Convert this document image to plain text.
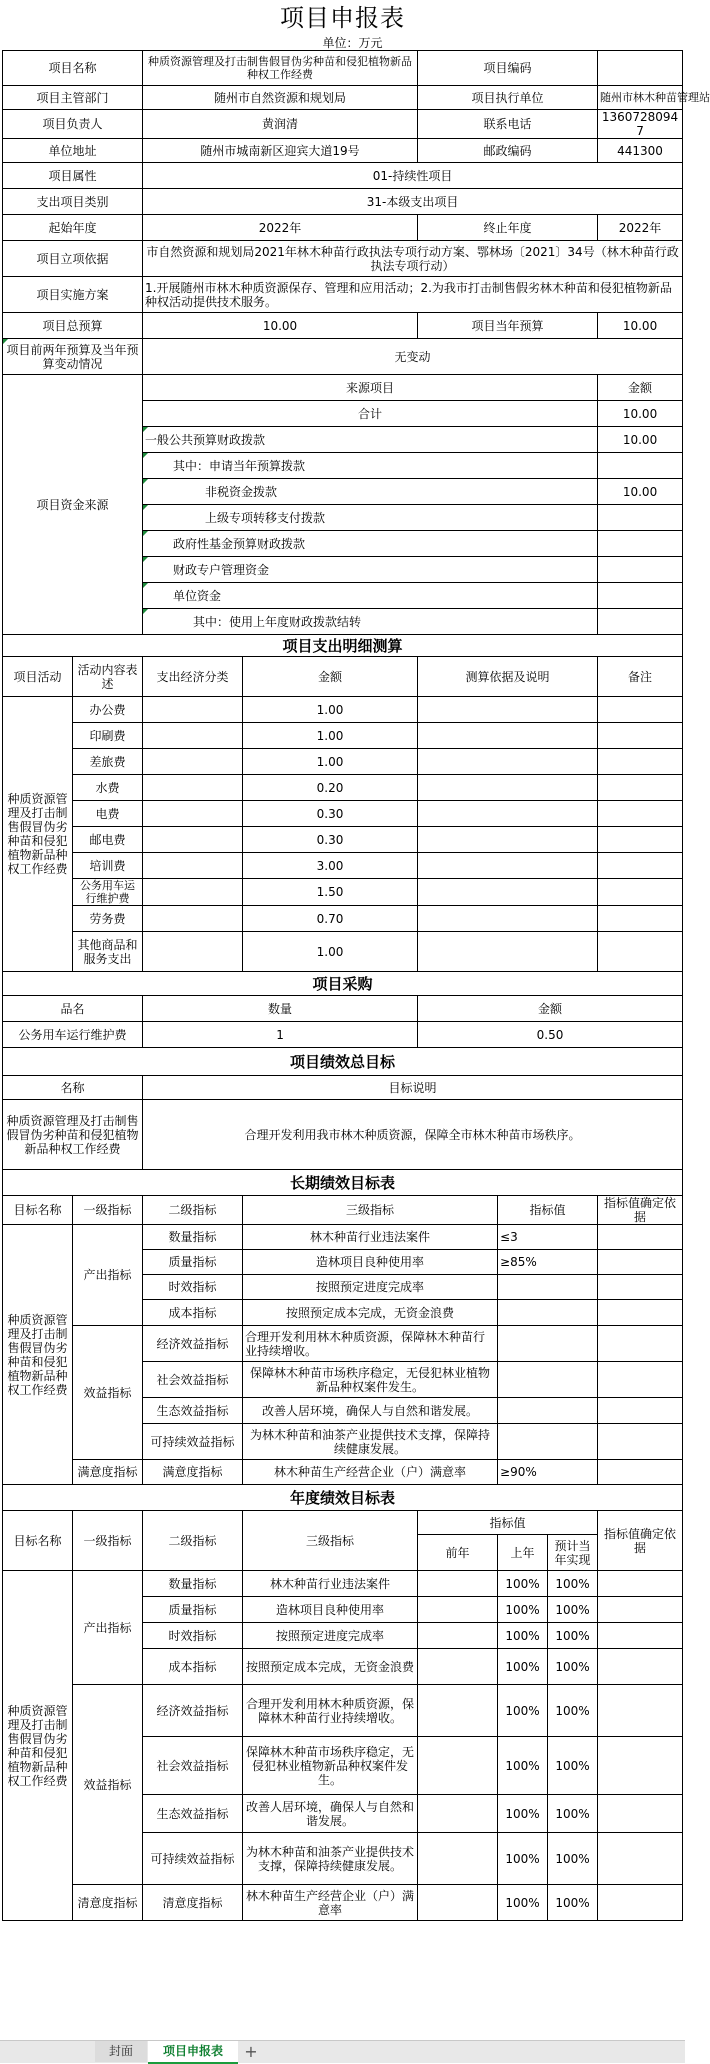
项目申报表
单位：万元
项目名称		种质资源管理及打击制售假冒伪劣种苗和侵犯植物新品种权工作经费		项目编码		
项目主管部门		随州市自然资源和规划局		项目执行单位		随州市林木种苗管理站
项目负责人		黄润清		联系电话		13607280947
单位地址		随州市城南新区迎宾大道19号		邮政编码		441300
项目属性		01-持续性项目				
支出项目类别		31-本级支出项目				
起始年度		2022年		终止年度		2022年
项目立项依据		市自然资源和规划局2021年林木种苗行政执法专项行动方案、鄂林场〔2021〕34号（林木种苗行政执法专项行动）				
项目实施方案		1.开展随州市林木种质资源保存、管理和应用活动；2.为我市打击制售假劣林木种苗和侵犯植物新品种权活动提供技术服务。				
项目总预算		10.00		项目当年预算		10.00
项目前两年预算及当年预算变动情况		无变动				
项目资金来源		来源项目				金额
		合计				10.00
		一般公共预算财政拨款				10.00
		其中：申请当年预算拨款				
		非税资金拨款				10.00
		上级专项转移支付拨款				
		政府性基金预算财政拨款				
		财政专户管理资金				
		单位资金				
		其中：使用上年度财政拨款结转				
项目支出明细测算						
项目活动	活动内容表述	支出经济分类	金额	测算依据及说明		备注
种质资源管理及打击制售假冒伪劣种苗和侵犯植物新品种权工作经费	办公费		1.00			
	印刷费		1.00			
	差旅费		1.00			
	水费		0.20			
	电费		0.30			
	邮电费		0.30			
	培训费		3.00			
	公务用车运行维护费		1.50			
	劳务费		0.70			
	其他商品和服务支出		1.00			
项目采购						
品名		数量		金额		
公务用车运行维护费		1		0.50		
项目绩效总目标						
名称		目标说明				
种质资源管理及打击制售假冒伪劣种苗和侵犯植物新品种权工作经费		合理开发利用我市林木种质资源，保障全市林木种苗市场秩序。				
长期绩效目标表						
目标名称	一级指标	二级指标	三级指标		指标值	指标值确定依据
种质资源管理及打击制售假冒伪劣种苗和侵犯植物新品种权工作经费	产出指标	数量指标	林木种苗行业违法案件		≤3	
		质量指标	造林项目良种使用率		≥85%	
		时效指标	按照预定进度完成率			
		成本指标	按照预定成本完成，无资金浪费			
	效益指标	经济效益指标	合理开发利用林木种质资源，保障林木种苗行业持续增收。			
		社会效益指标	保障林木种苗市场秩序稳定，无侵犯林业植物新品种权案件发生。			
		生态效益指标	改善人居环境，确保人与自然和谐发展。			
		可持续效益指标	为林木种苗和油茶产业提供技术支撑，保障持续健康发展。			
	满意度指标	满意度指标	林木种苗生产经营企业（户）满意率		≥90%	
年度绩效目标表							
目标名称	一级指标	二级指标	三级指标	指标值			指标值确定依据
				前年	上年	预计当年实现	
种质资源管理及打击制售假冒伪劣种苗和侵犯植物新品种权工作经费	产出指标	数量指标	林木种苗行业违法案件		100%	100%	
		质量指标	造林项目良种使用率		100%	100%	
		时效指标	按照预定进度完成率		100%	100%	
		成本指标	按照预定成本完成，无资金浪费		100%	100%	
	效益指标	经济效益指标	合理开发利用林木种质资源，保障林木种苗行业持续增收。		100%	100%	
		社会效益指标	保障林木种苗市场秩序稳定，无侵犯林业植物新品种权案件发生。		100%	100%	
		生态效益指标	改善人居环境，确保人与自然和谐发展。		100%	100%	
		可持续效益指标	为林木种苗和油茶产业提供技术支撑，保障持续健康发展。		100%	100%	
	清意度指标	清意度指标	林木种苗生产经营企业（户）满意率		100%	100%	
封面	项目申报表	+
